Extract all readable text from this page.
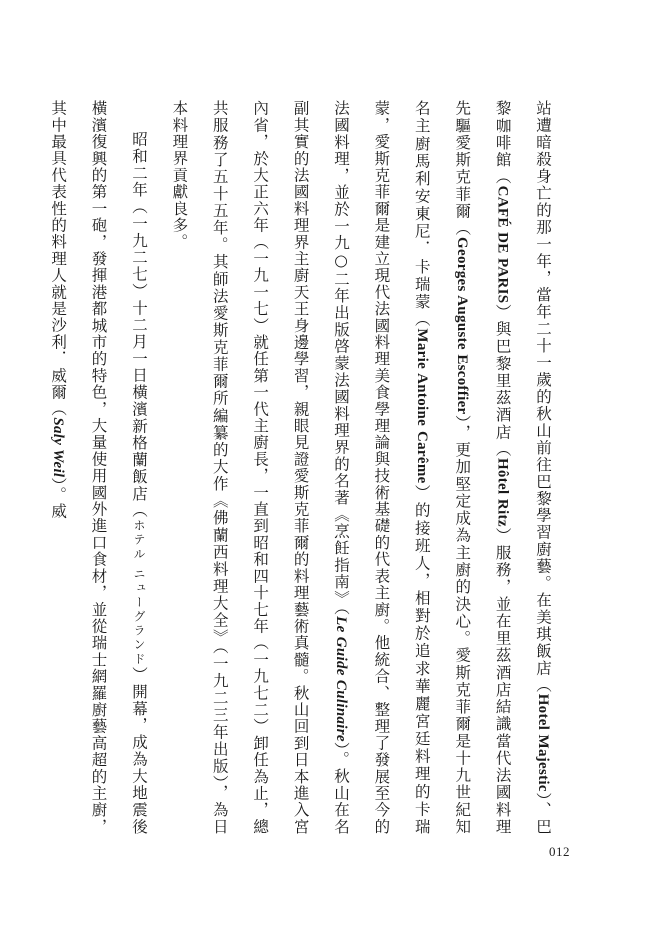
站遭暗殺身亡的那一年，當年二十一歲的秋山前往巴黎學習廚藝。在美琪飯店（Hotel Majestic）、巴黎咖啡館（CAFÉ DE PARIS）與巴黎里茲酒店（Hôtel Ritz）服務，並在里茲酒店結識當代法國料理先驅愛斯克菲爾（Georges Auguste Escoffier），更加堅定成為主廚的決心。愛斯克菲爾是十九世紀知名主廚馬利安東尼．卡瑞蒙（Marie Antoine Carême）的接班人，相對於追求華麗宮廷料理的卡瑞蒙，愛斯克菲爾是建立現代法國料理美食學理論與技術基礎的代表主廚。他統合、整理了發展至今的法國料理，並於一九○二年出版啓蒙法國料理界的名著《烹飪指南》（Le Guide Culinaire）。秋山在名副其實的法國料理界主廚天王身邊學習，親眼見證愛斯克菲爾的料理藝術真髓。秋山回到日本進入宮內省，於大正六年（一九一七）就任第一代主廚長，一直到昭和四十七年（一九七二）卸任為止，總共服務了五十五年。其師法愛斯克菲爾所編纂的大作《佛蘭西料理大全》（一九二三年出版），為日本料理界貢獻良多。
昭和二年（一九二七）十二月一日橫濱新格蘭飯店（ホテル ニューグランド）開幕，成為大地震後橫濱復興的第一砲，發揮港都城市的特色，大量使用國外進口食材，並從瑞士網羅廚藝高超的主廚，其中最具代表性的料理人就是沙利．威爾（Saly Weil）。威
012
